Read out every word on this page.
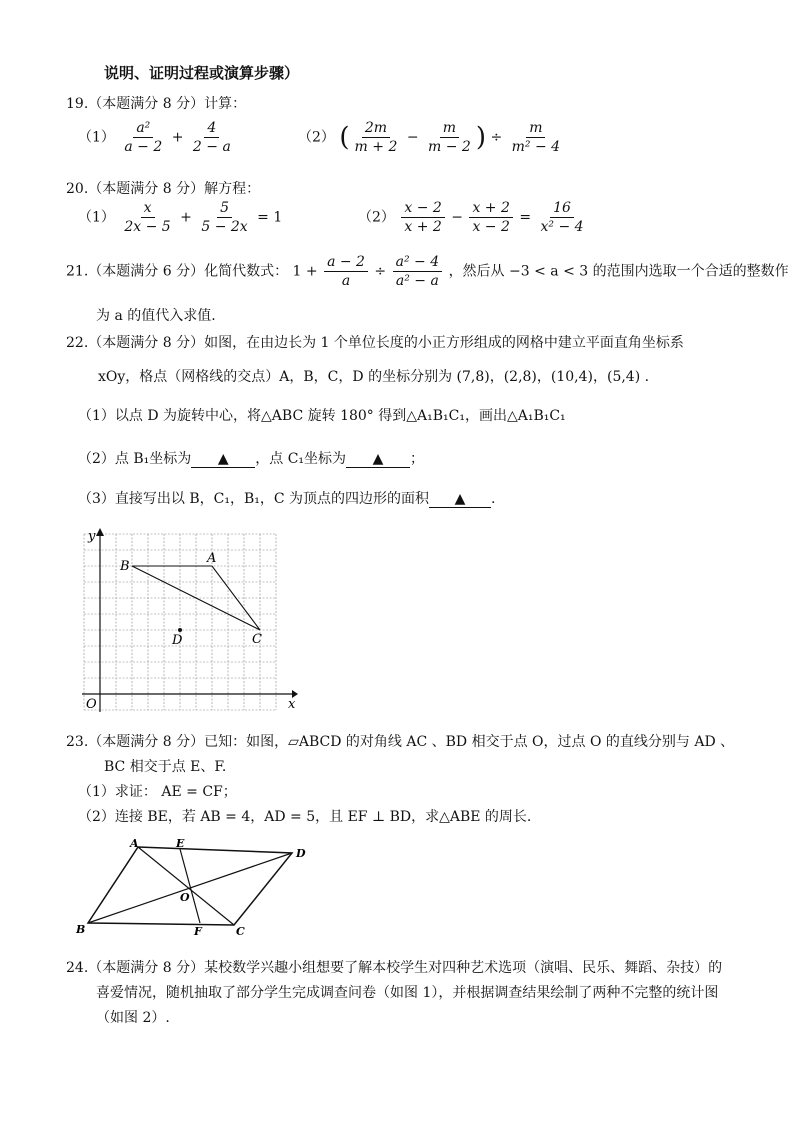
说明、证明过程或演算步骤）
19.（本题满分 8 分）计算：
$(1) \frac{\text{a²}}{a - 2} + \frac{4}{2 - a}$	（2） ( $\frac{2m}{m + 2} - \frac{m}{m - 2}$ ) ÷ $\frac{m}{\text{m² − 4}}$
20.（本题满分 8 分）解方程：
$(1) \frac{x}{2x - 5} + \frac{5}{5 - 2x} = 1$	$(2) \frac{x - 2}{x + 2} - \frac{x + 2}{x - 2} = \frac{16}{\text{x² − 4}}$
21.（本题满分 6 分）化简代数式： $1 + \frac{a - 2}{a} \div \frac{\text{a² − 4}}{\text{a² − a}}$ ，然后从 −3 < a < 3 的范围内选取一个合适的整数作
为 a 的值代入求值.
22.（本题满分 8 分）如图，在由边长为 1 个单位长度的小正方形组成的网格中建立平面直角坐标系
xOy，格点（网格线的交点）A，B，C，D 的坐标分别为 (7,8)，(2,8)，(10,4)，(5,4) .
（1）以点 D 为旋转中心，将△ABC 旋转 180° 得到△A₁B₁C₁，画出△A₁B₁C₁
（2）点 B₁坐标为 ▲ ，点 C₁坐标为 ▲ ；
（3）直接写出以 B，C₁，B₁，C 为顶点的四边形的面积 ▲ .
x
y
O
B
A
C
D
23.（本题满分 8 分）已知：如图，▱ABCD 的对角线 AC 、BD 相交于点 O，过点 O 的直线分别与 AD 、
BC 相交于点 E、F.
（1）求证： AE = CF；
（2）连接 BE，若 AB = 4，AD = 5，且 EF ⊥ BD，求△ABE 的周长.
A	E
D
O
B	F	C
24.（本题满分 8 分）某校数学兴趣小组想要了解本校学生对四种艺术选项（演唱、民乐、舞蹈、杂技）的
喜爱情况，随机抽取了部分学生完成调查问卷（如图 1），并根据调查结果绘制了两种不完整的统计图
（如图 2）.
